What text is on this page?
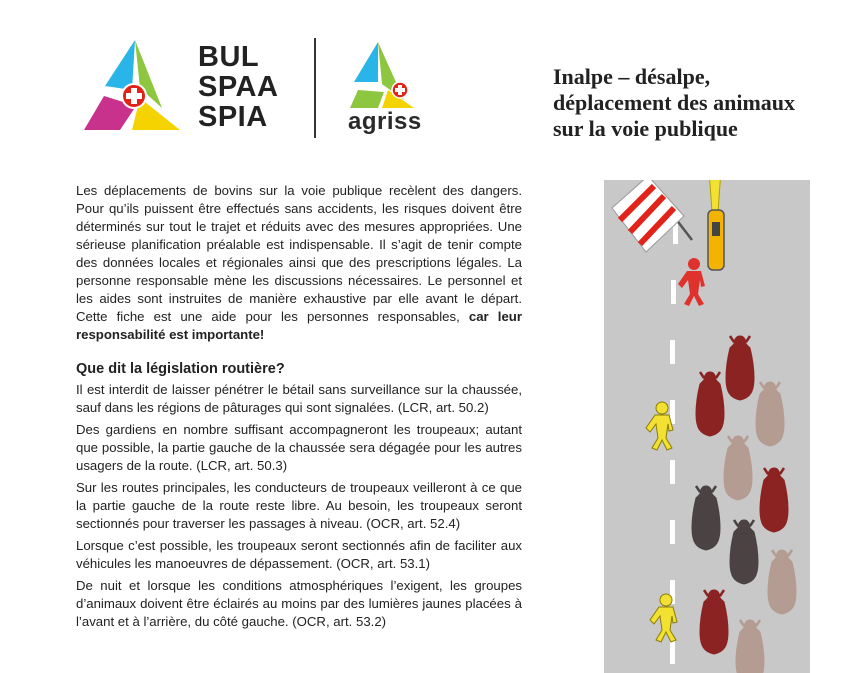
BUL
SPAA
SPIA	agriss
Inalpe – désalpe,
déplacement des animaux
sur la voie publique

Les déplacements de bovins sur la voie publique recèlent des dangers. Pour qu’ils puissent être effectués sans accidents, les risques doivent être déterminés sur tout le trajet et réduits avec des mesures appropriées. Une sérieuse planification préalable est indispensable. Il s’agit de tenir compte des données locales et régionales ainsi que des prescriptions légales. La personne responsable mène les discussions nécessaires. Le personnel et les aides sont instruites de manière exhaustive par elle avant le départ. Cette fiche est une aide pour les personnes responsables, car leur responsabilité est importante!

Que dit la législation routière?

Il est interdit de laisser pénétrer le bétail sans surveillance sur la chaussée, sauf dans les régions de pâturages qui sont signalées. (LCR, art. 50.2)

Des gardiens en nombre suffisant accompagneront les troupeaux; autant que possible, la partie gauche de la chaussée sera dégagée pour les autres usagers de la route. (LCR, art. 50.3)

Sur les routes principales, les conducteurs de troupeaux veilleront à ce que la partie gauche de la route reste libre. Au besoin, les troupeaux seront sectionnés pour traverser les passages à niveau. (OCR, art. 52.4)

Lorsque c’est possible, les troupeaux seront sectionnés afin de faciliter aux véhicules les manoeuvres de dépassement. (OCR, art. 53.1)

De nuit et lorsque les conditions atmosphériques l’exigent, les groupes d’animaux doivent être éclairés au moins par des lumières jaunes placées à l’avant et à l’arrière, du côté gauche. (OCR, art. 53.2)
